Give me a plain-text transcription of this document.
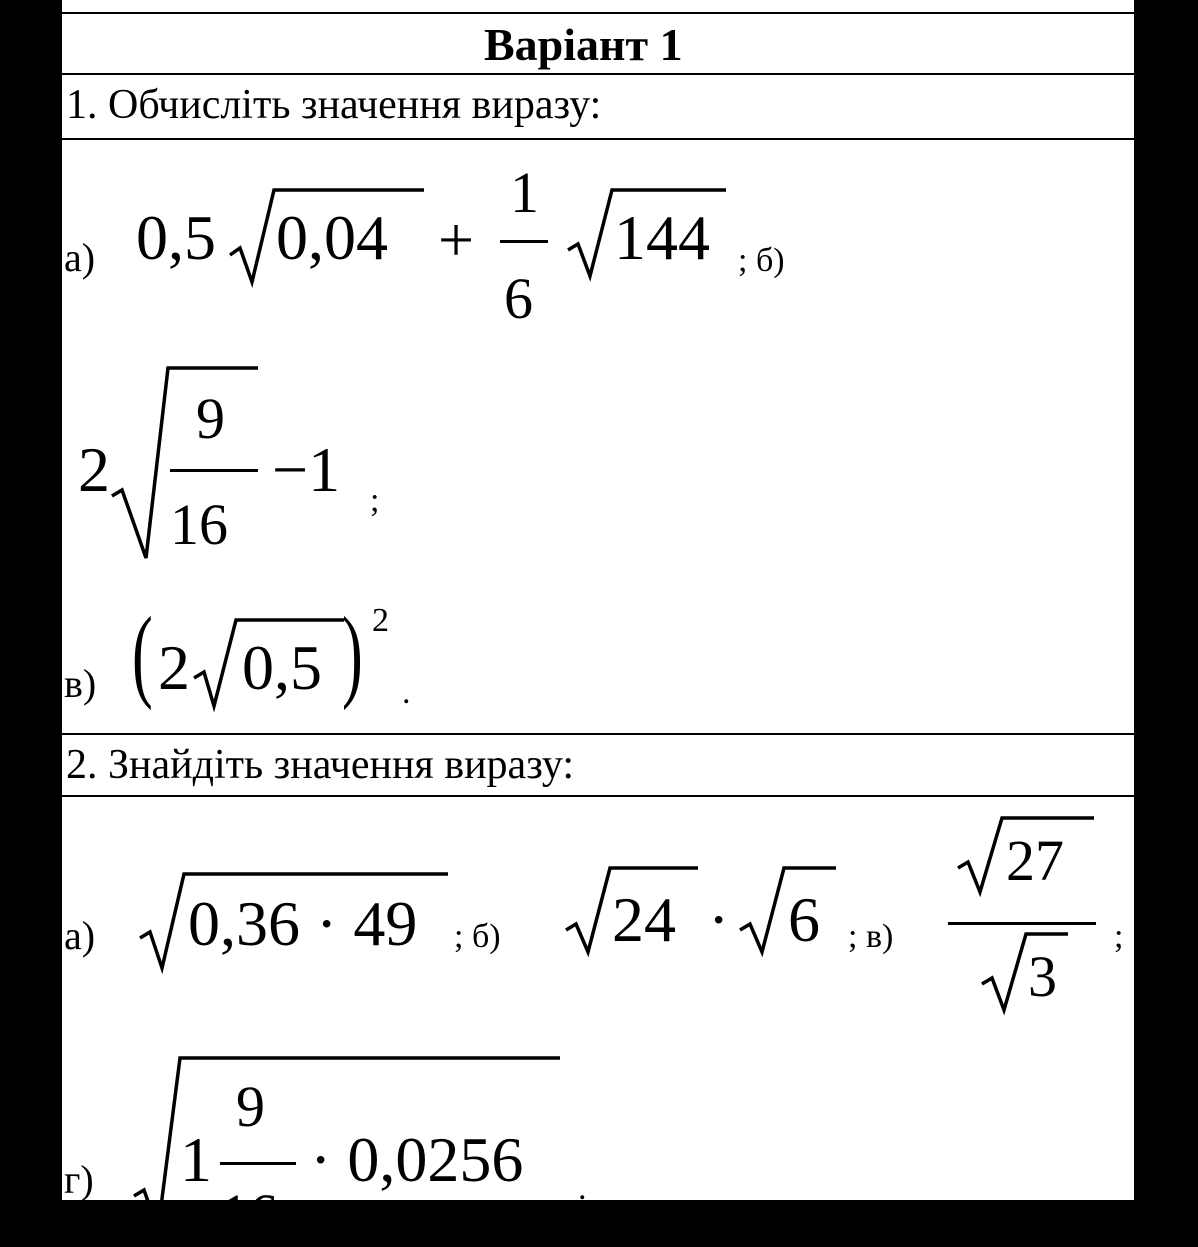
Варіант 1
1. Обчисліть значення виразу:
а) 0,5 0,04 +
1
6
144 ; б)
2
9
16
−1 ;
в) ( 2 0,5 ) 2
.
2. Знайдіть значення виразу:
а) 0,36 · 49 ; б) 24 · 6 ; в)
27
3
;
г) 1
9
16
· 0,0256 .
